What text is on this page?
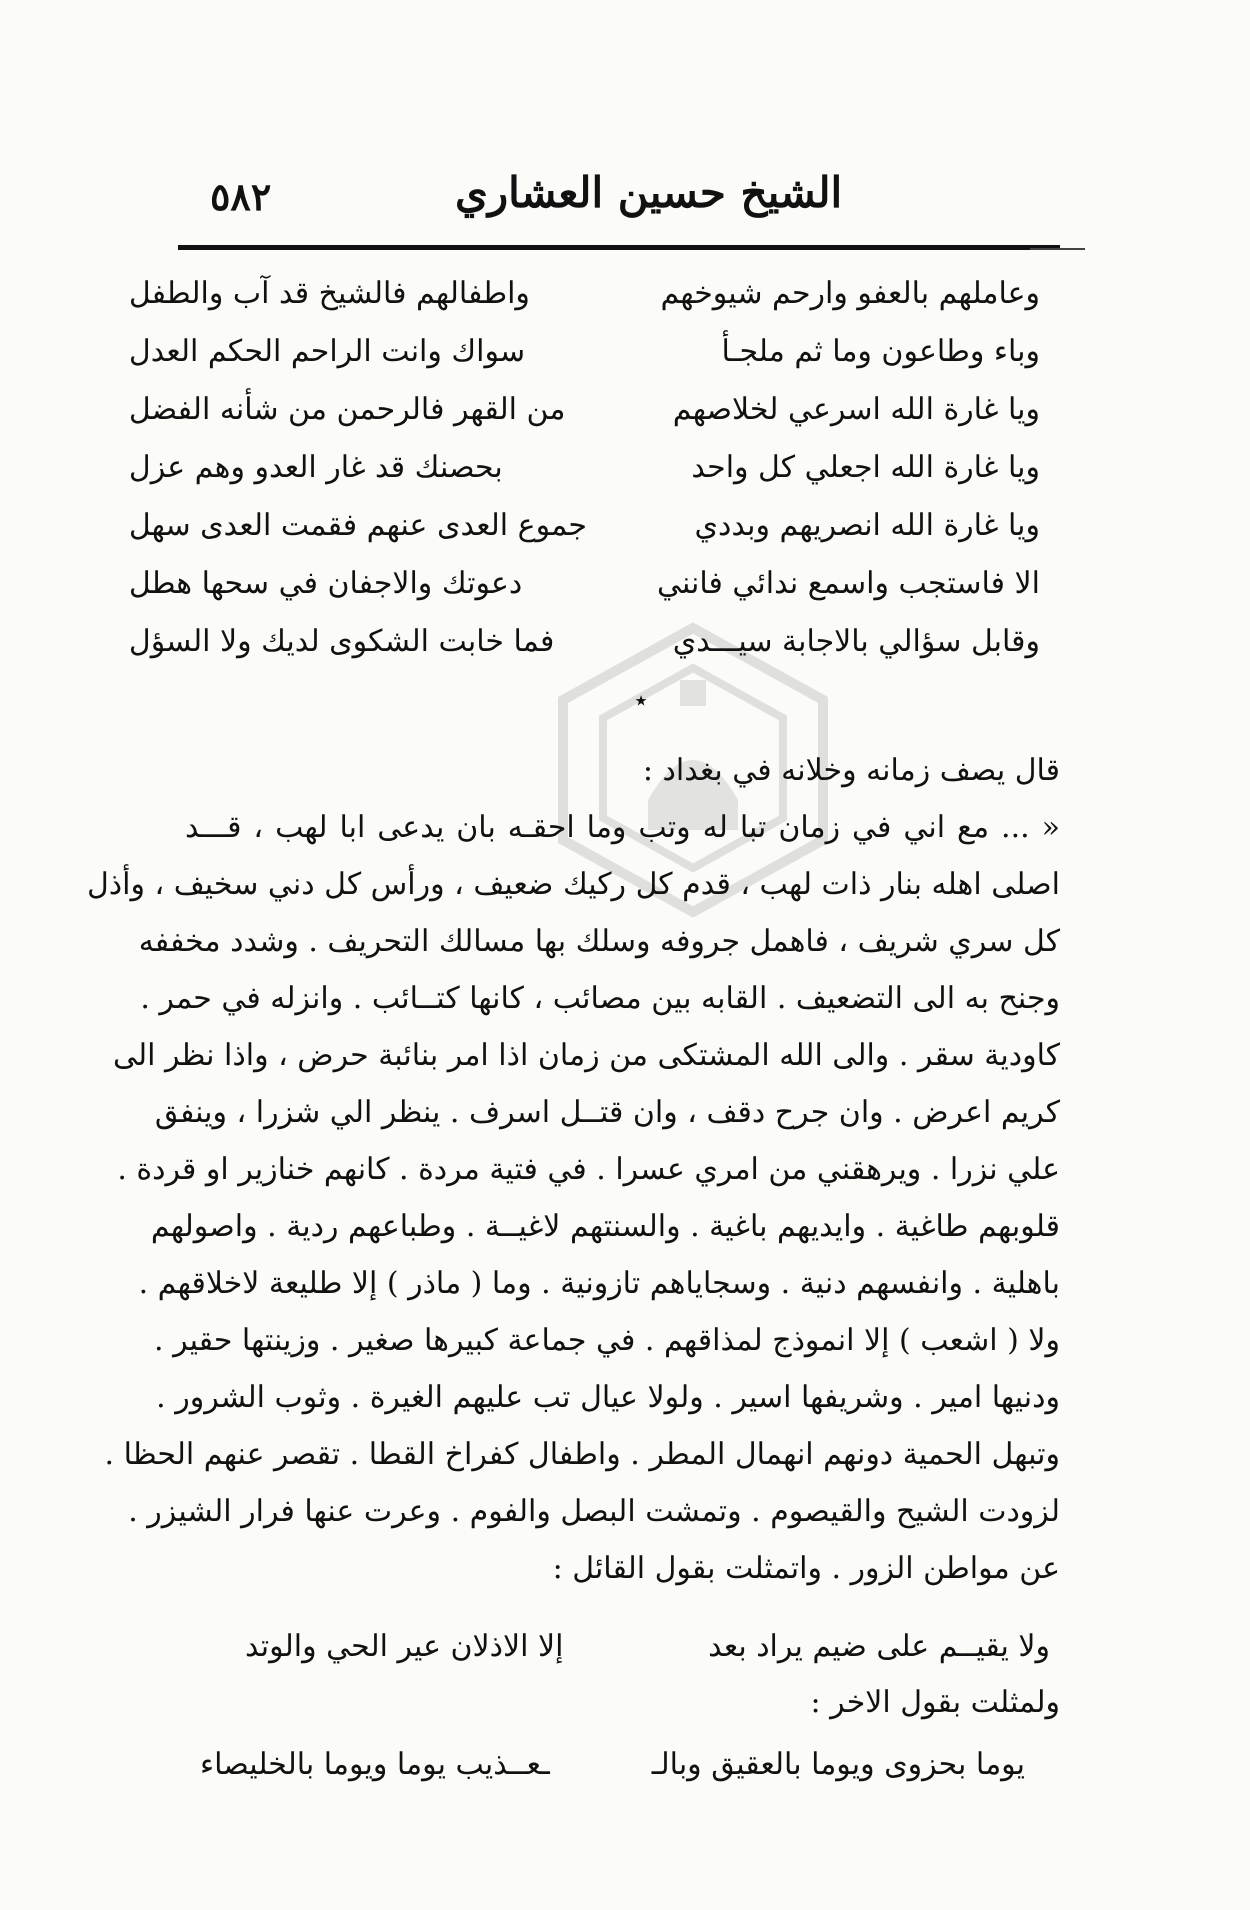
٥٨٢	الشيخ حسين العشاري
وعاملهم بالعفو وارحم شيوخهم
واطفالهم فالشيخ قد آب والطفل
وباء وطاعون وما ثم ملجـأ
سواك وانت الراحم الحكم العدل
ويا غارة الله اسرعي لخلاصهم
من القهر فالرحمن من شأنه الفضل
ويا غارة الله اجعلي كل واحد
بحصنك قد غار العدو وهم عزل
ويا غارة الله انصريهم وبددي
جموع العدى عنهم فقمت العدى سهل
الا فاستجب واسمع ندائي فانني
دعوتك والاجفان في سحها هطل
وقابل سؤالي بالاجابة سيـــدي
فما خابت الشكوى لديك ولا السؤل
٭
قال يصف زمانه وخلانه في بغداد :

« ... مع اني في زمان تبا له وتب وما احقـه بان يدعى ابا لهب ، قـــد

اصلى اهله بنار ذات لهب ، قدم كل ركيك ضعيف ، ورأس كل دني سخيف ، وأذل

كل سري شريف ، فاهمل جروفه وسلك بها مسالك التحريف . وشدد مخففه

وجنح به الى التضعيف . القابه بين مصائب ، كانها كتــائب . وانزله في حمر .

كاودية سقر . والى الله المشتكى من زمان اذا امر بنائبة حرض ، واذا نظر الى

كريم اعرض . وان جرح دقف ، وان قتــل اسرف . ينظر الي شزرا ، وينفق

علي نزرا . ويرهقني من امري عسرا . في فتية مردة . كانهم خنازير او قردة .

قلوبهم طاغية . وايديهم باغية . والسنتهم لاغيــة . وطباعهم ردية . واصولهم

باهلية . وانفسهم دنية . وسجاياهم تازونية . وما ( ماذر ) إلا طليعة لاخلاقهم .

ولا ( اشعب ) إلا انموذج لمذاقهم . في جماعة كبيرها صغير . وزينتها حقير .

ودنيها امير . وشريفها اسير . ولولا عيال تب عليهم الغيرة . وثوب الشرور .

وتبهل الحمية دونهم انهمال المطر . واطفال كفراخ القطا . تقصر عنهم الحظا .

لزودت الشيح والقيصوم . وتمشت البصل والفوم . وعرت عنها فرار الشيزر .

عن مواطن الزور . واتمثلت بقول القائل :

ولا يقيــم على ضيم يراد بعد
إلا الاذلان عير الحي والوتد
ولمثلت بقول الاخر :
يوما بحزوى ويوما بالعقيق وبالـ
ـعــذيب يوما ويوما بالخليصاء
